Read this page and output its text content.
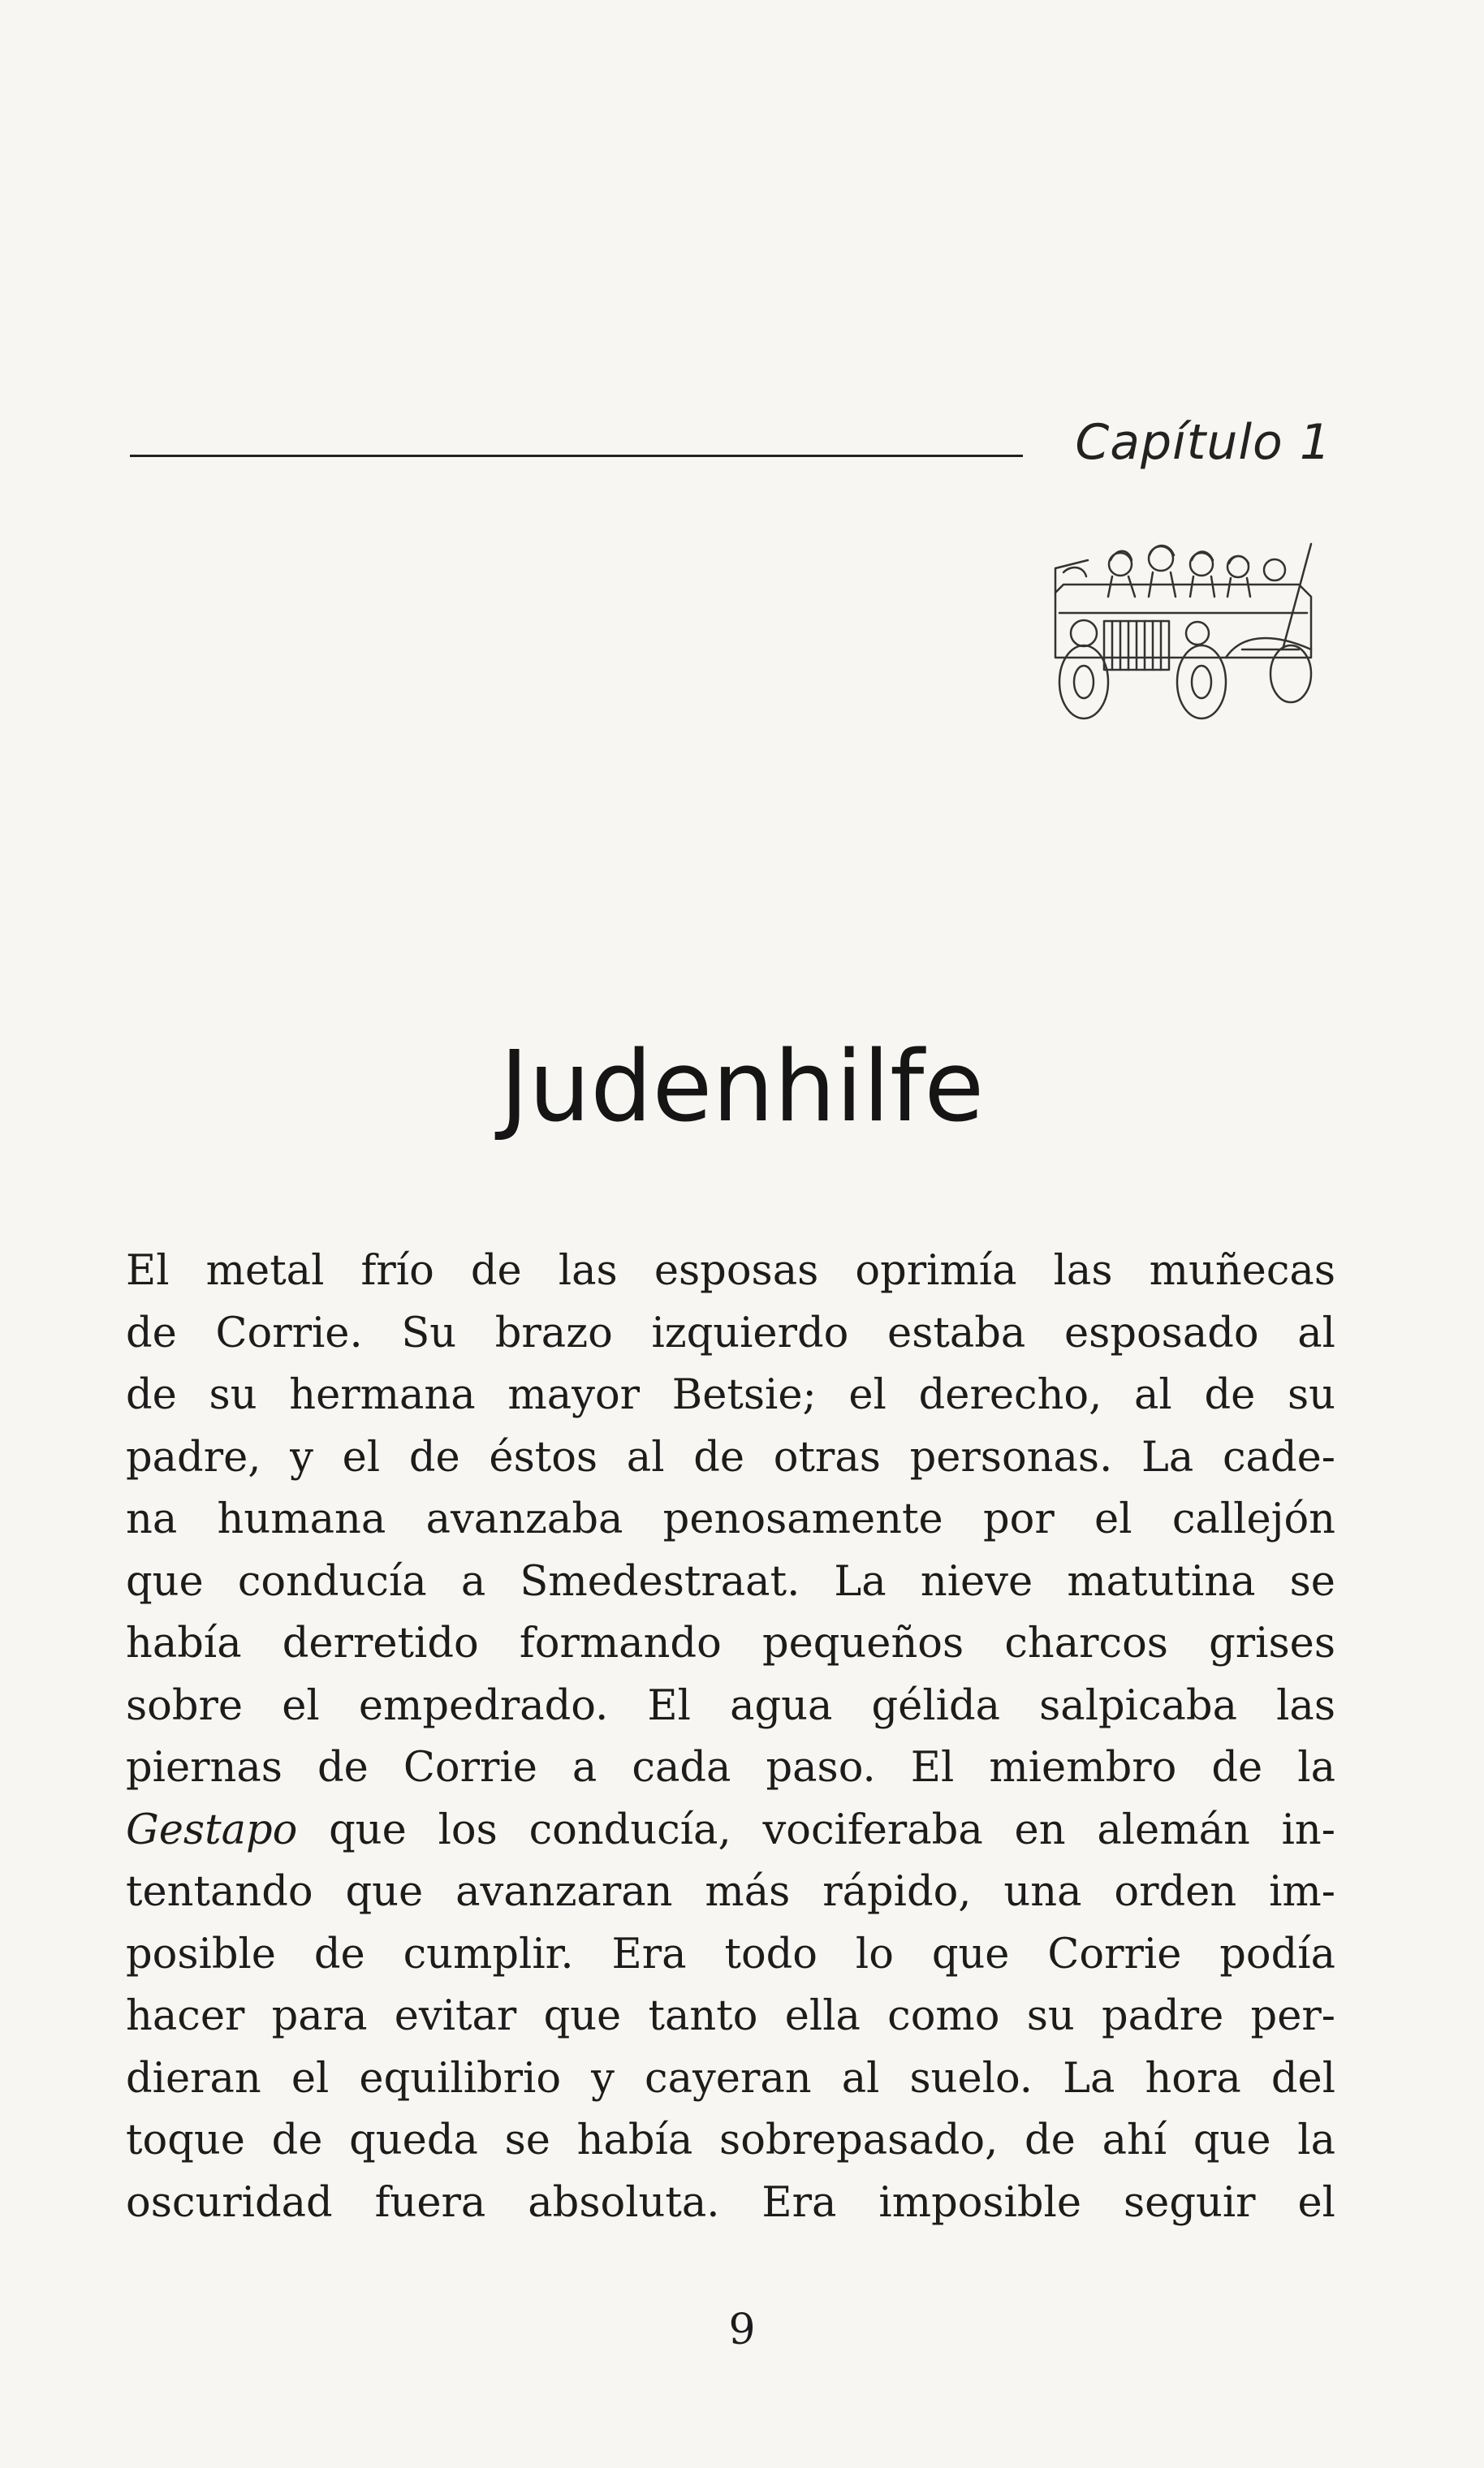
Capítulo 1
Judenhilfe
El metal frío de las esposas oprimía las muñecas
de Corrie. Su brazo izquierdo estaba esposado al
de su hermana mayor Betsie; el derecho, al de su
padre, y el de éstos al de otras personas. La cade-
na humana avanzaba penosamente por el callejón
que conducía a Smedestraat. La nieve matutina se
había derretido formando pequeños charcos grises
sobre el empedrado. El agua gélida salpicaba las
piernas de Corrie a cada paso. El miembro de la
Gestapo que los conducía, vociferaba en alemán in-
tentando que avanzaran más rápido, una orden im-
posible de cumplir. Era todo lo que Corrie podía
hacer para evitar que tanto ella como su padre per-
dieran el equilibrio y cayeran al suelo. La hora del
toque de queda se había sobrepasado, de ahí que la
oscuridad fuera absoluta. Era imposible seguir el
9
